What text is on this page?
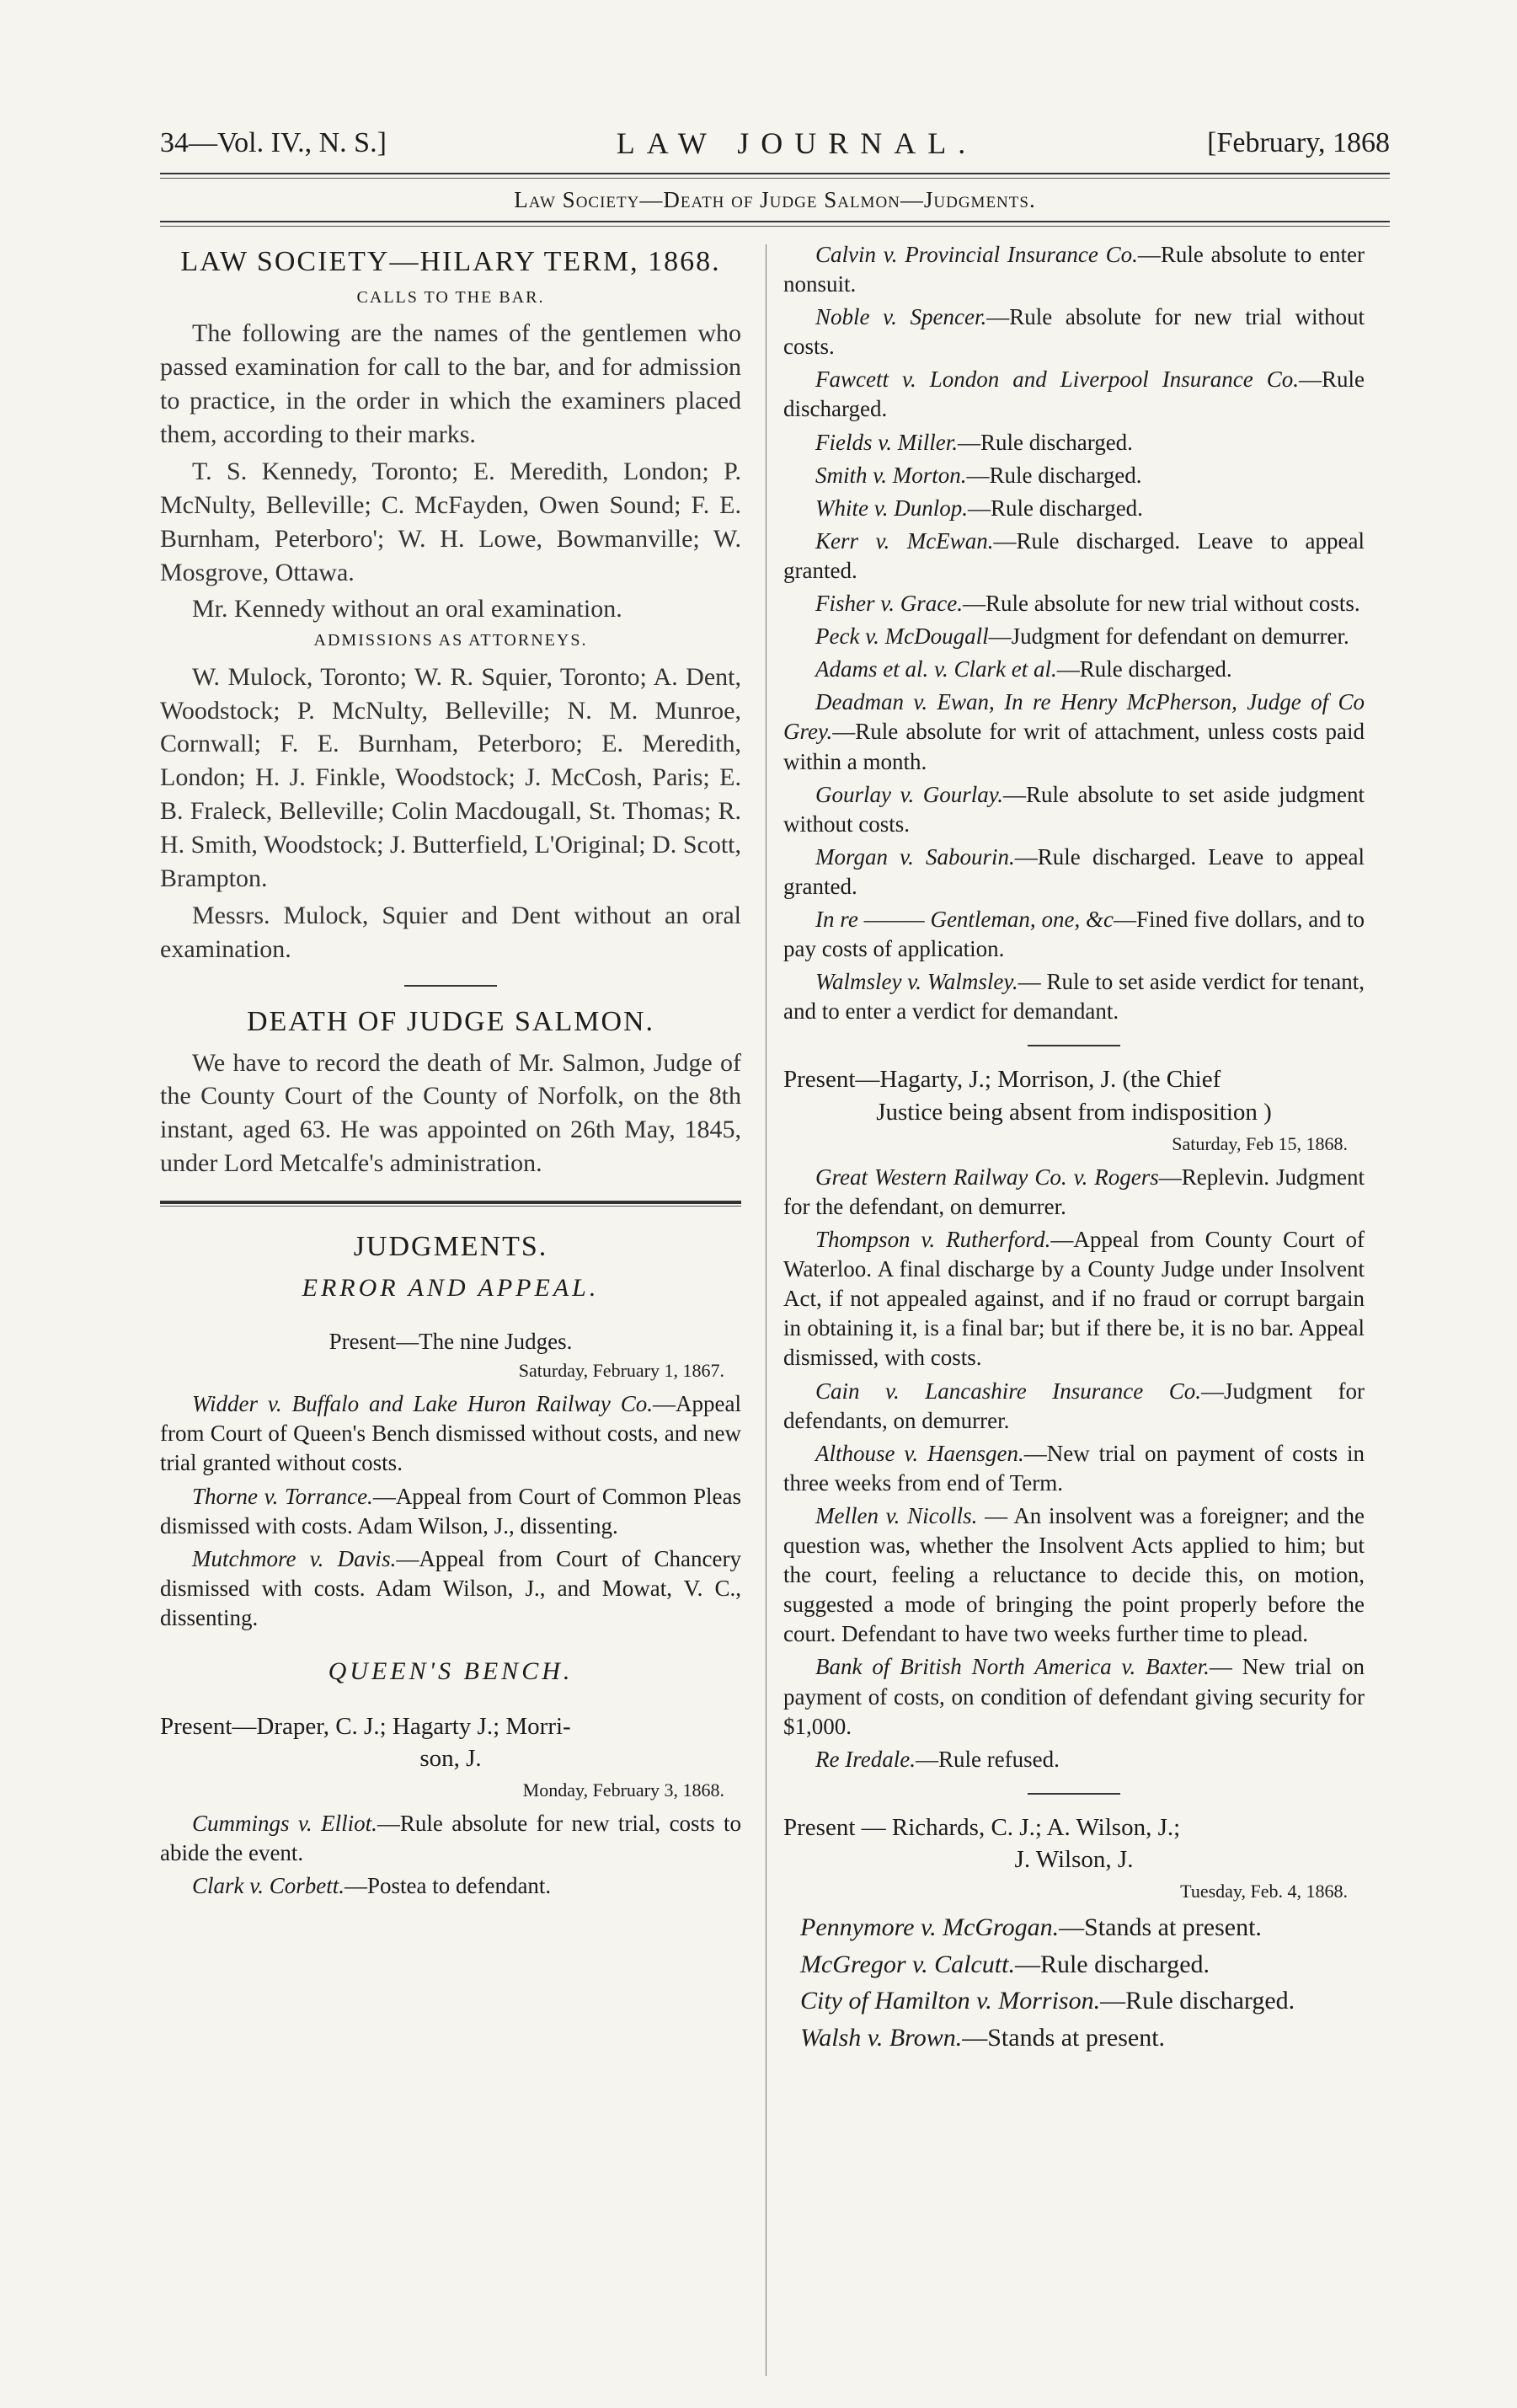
34—Vol. IV., N. S.]	LAW JOURNAL.	[February, 1868
Law Society—Death of Judge Salmon—Judgments.
LAW SOCIETY—HILARY TERM, 1868.
CALLS TO THE BAR.

The following are the names of the gentlemen who passed examination for call to the bar, and for admission to practice, in the order in which the examiners placed them, according to their marks.

T. S. Kennedy, Toronto; E. Meredith, London; P. McNulty, Belleville; C. McFayden, Owen Sound; F. E. Burnham, Peterboro'; W. H. Lowe, Bowmanville; W. Mosgrove, Ottawa.

Mr. Kennedy without an oral examination.

ADMISSIONS AS ATTORNEYS.

W. Mulock, Toronto; W. R. Squier, Toronto; A. Dent, Woodstock; P. McNulty, Belleville; N. M. Munroe, Cornwall; F. E. Burnham, Peterboro; E. Meredith, London; H. J. Finkle, Woodstock; J. McCosh, Paris; E. B. Fraleck, Belleville; Colin Macdougall, St. Thomas; R. H. Smith, Woodstock; J. Butterfield, L'Original; D. Scott, Brampton.

Messrs. Mulock, Squier and Dent without an oral examination.

DEATH OF JUDGE SALMON.

We have to record the death of Mr. Salmon, Judge of the County Court of the County of Norfolk, on the 8th instant, aged 63. He was appointed on 26th May, 1845, under Lord Metcalfe's administration.

JUDGMENTS.
ERROR AND APPEAL.
Present—The nine Judges.
Saturday, February 1, 1867.

Widder v. Buffalo and Lake Huron Railway Co.—Appeal from Court of Queen's Bench dismissed without costs, and new trial granted without costs.

Thorne v. Torrance.—Appeal from Court of Common Pleas dismissed with costs. Adam Wilson, J., dissenting.

Mutchmore v. Davis.—Appeal from Court of Chancery dismissed with costs. Adam Wilson, J., and Mowat, V. C., dissenting.

QUEEN'S BENCH.

Present—Draper, C. J.; Hagarty J.; Morri-
son, J.

Monday, February 3, 1868.

Cummings v. Elliot.—Rule absolute for new trial, costs to abide the event.

Clark v. Corbett.—Postea to defendant.

Calvin v. Provincial Insurance Co.—Rule absolute to enter nonsuit.

Noble v. Spencer.—Rule absolute for new trial without costs.

Fawcett v. London and Liverpool Insurance Co.—Rule discharged.

Fields v. Miller.—Rule discharged.

Smith v. Morton.—Rule discharged.

White v. Dunlop.—Rule discharged.

Kerr v. McEwan.—Rule discharged. Leave to appeal granted.

Fisher v. Grace.—Rule absolute for new trial without costs.

Peck v. McDougall—Judgment for defendant on demurrer.

Adams et al. v. Clark et al.—Rule discharged.

Deadman v. Ewan, In re Henry McPherson, Judge of Co Grey.—Rule absolute for writ of attachment, unless costs paid within a month.

Gourlay v. Gourlay.—Rule absolute to set aside judgment without costs.

Morgan v. Sabourin.—Rule discharged. Leave to appeal granted.

In re ——— Gentleman, one, &c—Fined five dollars, and to pay costs of application.

Walmsley v. Walmsley.— Rule to set aside verdict for tenant, and to enter a verdict for demandant.

Present—Hagarty, J.; Morrison, J. (the Chief
Justice being absent from indisposition )

Saturday, Feb 15, 1868.

Great Western Railway Co. v. Rogers—Replevin. Judgment for the defendant, on demurrer.

Thompson v. Rutherford.—Appeal from County Court of Waterloo. A final discharge by a County Judge under Insolvent Act, if not appealed against, and if no fraud or corrupt bargain in obtaining it, is a final bar; but if there be, it is no bar. Appeal dismissed, with costs.

Cain v. Lancashire Insurance Co.—Judgment for defendants, on demurrer.

Althouse v. Haensgen.—New trial on payment of costs in three weeks from end of Term.

Mellen v. Nicolls. — An insolvent was a foreigner; and the question was, whether the Insolvent Acts applied to him; but the court, feeling a reluctance to decide this, on motion, suggested a mode of bringing the point properly before the court. Defendant to have two weeks further time to plead.

Bank of British North America v. Baxter.— New trial on payment of costs, on condition of defendant giving security for $1,000.

Re Iredale.—Rule refused.

Present — Richards, C. J.; A. Wilson, J.;
J. Wilson, J.

Tuesday, Feb. 4, 1868.

Pennymore v. McGrogan.—Stands at present.

McGregor v. Calcutt.—Rule discharged.

City of Hamilton v. Morrison.—Rule discharged.

Walsh v. Brown.—Stands at present.
